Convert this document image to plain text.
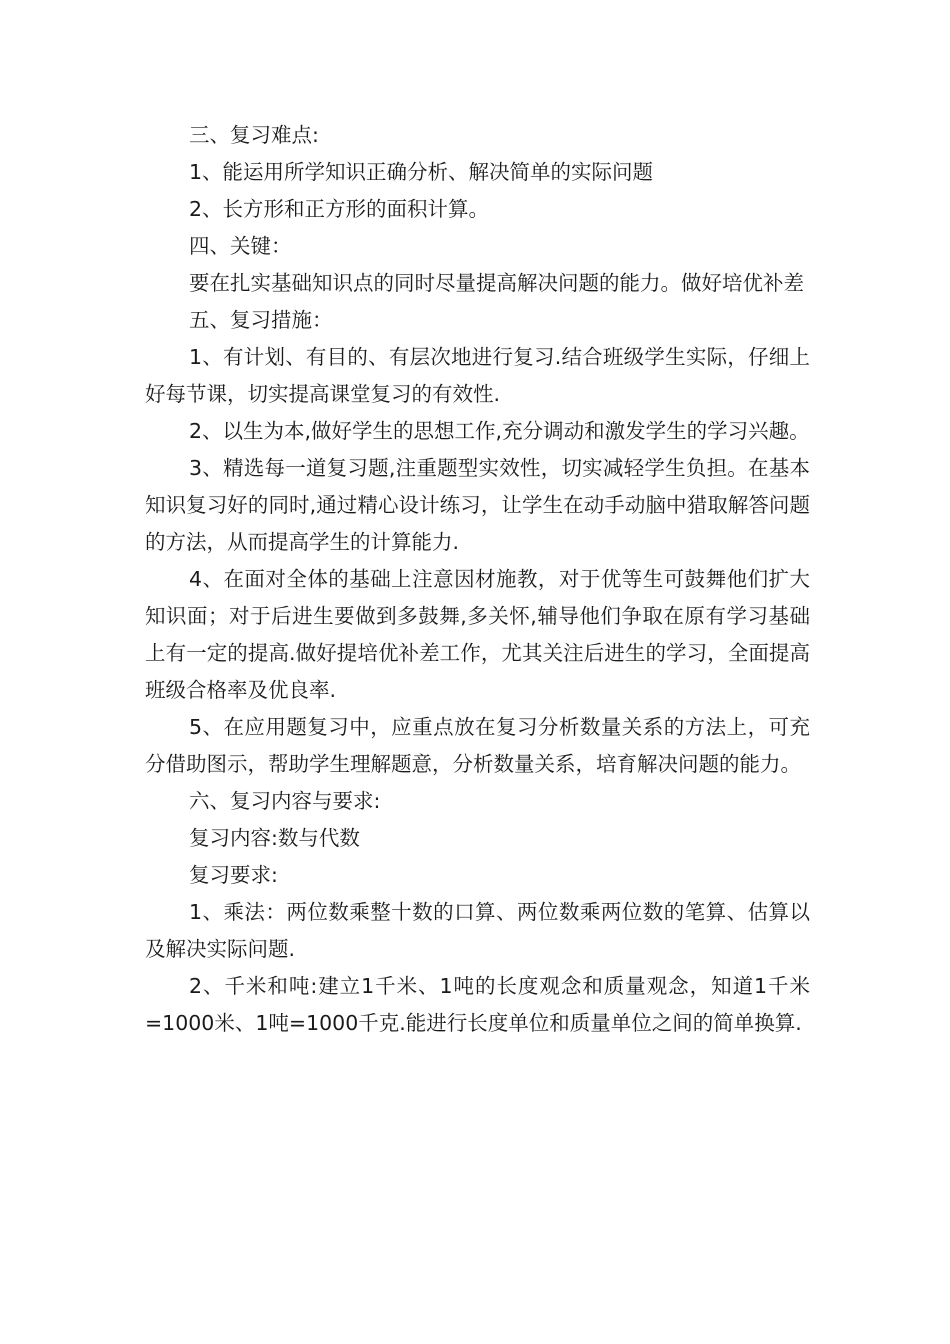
三、复习难点:

1、能运用所学知识正确分析、解决简单的实际问题

2、长方形和正方形的面积计算。

四、关键：

要在扎实基础知识点的同时尽量提高解决问题的能力。做好培优补差

五、复习措施：

1、有计划、有目的、有层次地进行复习.结合班级学生实际，仔细上好每节课，切实提高课堂复习的有效性.

2、以生为本,做好学生的思想工作,充分调动和激发学生的学习兴趣。

3、精选每一道复习题,注重题型实效性，切实减轻学生负担。在基本知识复习好的同时,通过精心设计练习，让学生在动手动脑中猎取解答问题的方法，从而提高学生的计算能力.

4、在面对全体的基础上注意因材施教，对于优等生可鼓舞他们扩大知识面；对于后进生要做到多鼓舞,多关怀,辅导他们争取在原有学习基础上有一定的提高.做好提培优补差工作，尤其关注后进生的学习，全面提高班级合格率及优良率.

5、在应用题复习中，应重点放在复习分析数量关系的方法上，可充分借助图示，帮助学生理解题意，分析数量关系，培育解决问题的能力。

六、复习内容与要求:

复习内容:数与代数

复习要求:

1、乘法：两位数乘整十数的口算、两位数乘两位数的笔算、估算以及解决实际问题.

2、千米和吨:建立1千米、1吨的长度观念和质量观念，知道1千米=1000米、1吨=1000千克.能进行长度单位和质量单位之间的简单换算.
